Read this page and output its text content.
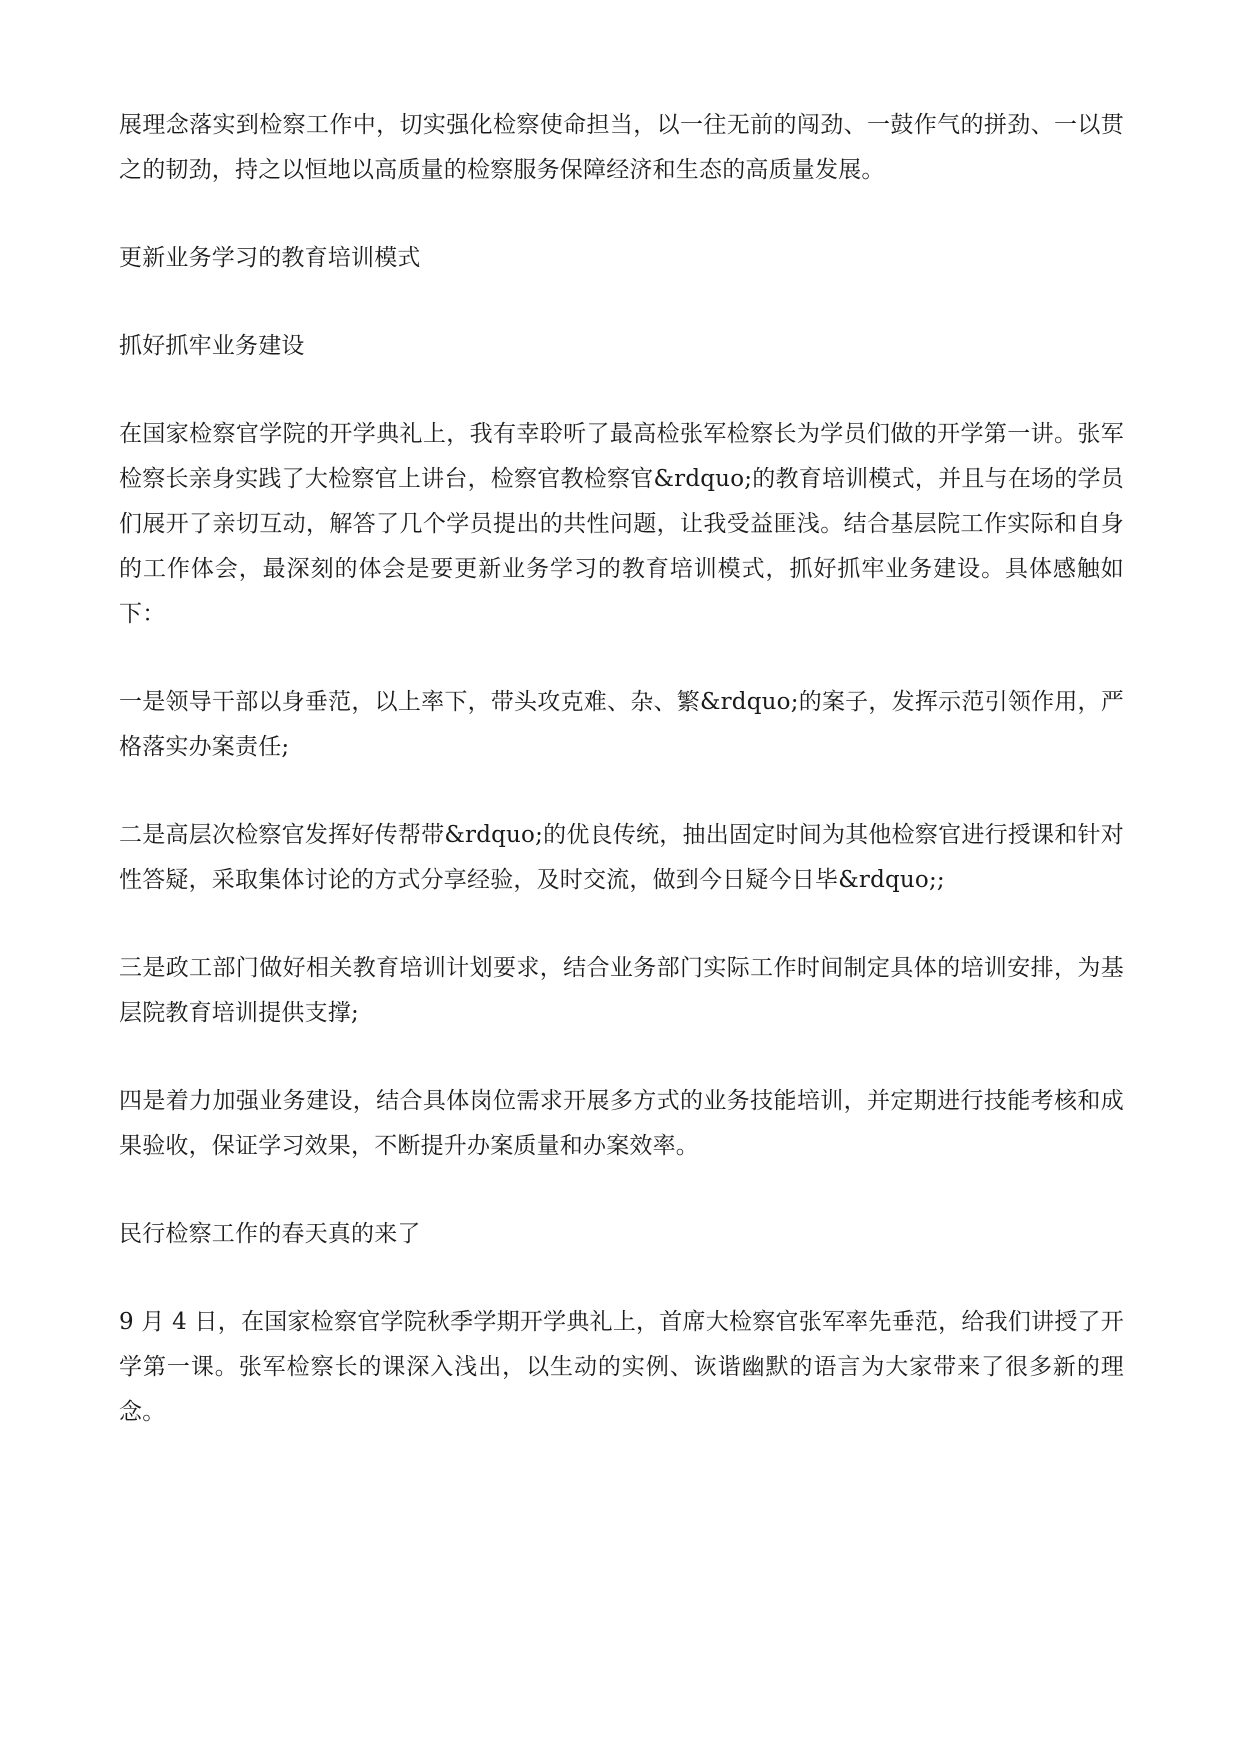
展理念落实到检察工作中，切实强化检察使命担当，以一往无前的闯劲、一鼓作气的拼劲、一以贯之的韧劲，持之以恒地以高质量的检察服务保障经济和生态的高质量发展。

更新业务学习的教育培训模式

抓好抓牢业务建设

在国家检察官学院的开学典礼上，我有幸聆听了最高检张军检察长为学员们做的开学第一讲。张军检察长亲身实践了大检察官上讲台，检察官教检察官&rdquo;的教育培训模式，并且与在场的学员们展开了亲切互动，解答了几个学员提出的共性问题，让我受益匪浅。结合基层院工作实际和自身的工作体会，最深刻的体会是要更新业务学习的教育培训模式，抓好抓牢业务建设。具体感触如下：

一是领导干部以身垂范，以上率下，带头攻克难、杂、繁&rdquo;的案子，发挥示范引领作用，严格落实办案责任;

二是高层次检察官发挥好传帮带&rdquo;的优良传统，抽出固定时间为其他检察官进行授课和针对性答疑，采取集体讨论的方式分享经验，及时交流，做到今日疑今日毕&rdquo;;

三是政工部门做好相关教育培训计划要求，结合业务部门实际工作时间制定具体的培训安排，为基层院教育培训提供支撑;

四是着力加强业务建设，结合具体岗位需求开展多方式的业务技能培训，并定期进行技能考核和成果验收，保证学习效果，不断提升办案质量和办案效率。

民行检察工作的春天真的来了

9 月 4 日，在国家检察官学院秋季学期开学典礼上，首席大检察官张军率先垂范，给我们讲授了开学第一课。张军检察长的课深入浅出，以生动的实例、诙谐幽默的语言为大家带来了很多新的理念。
